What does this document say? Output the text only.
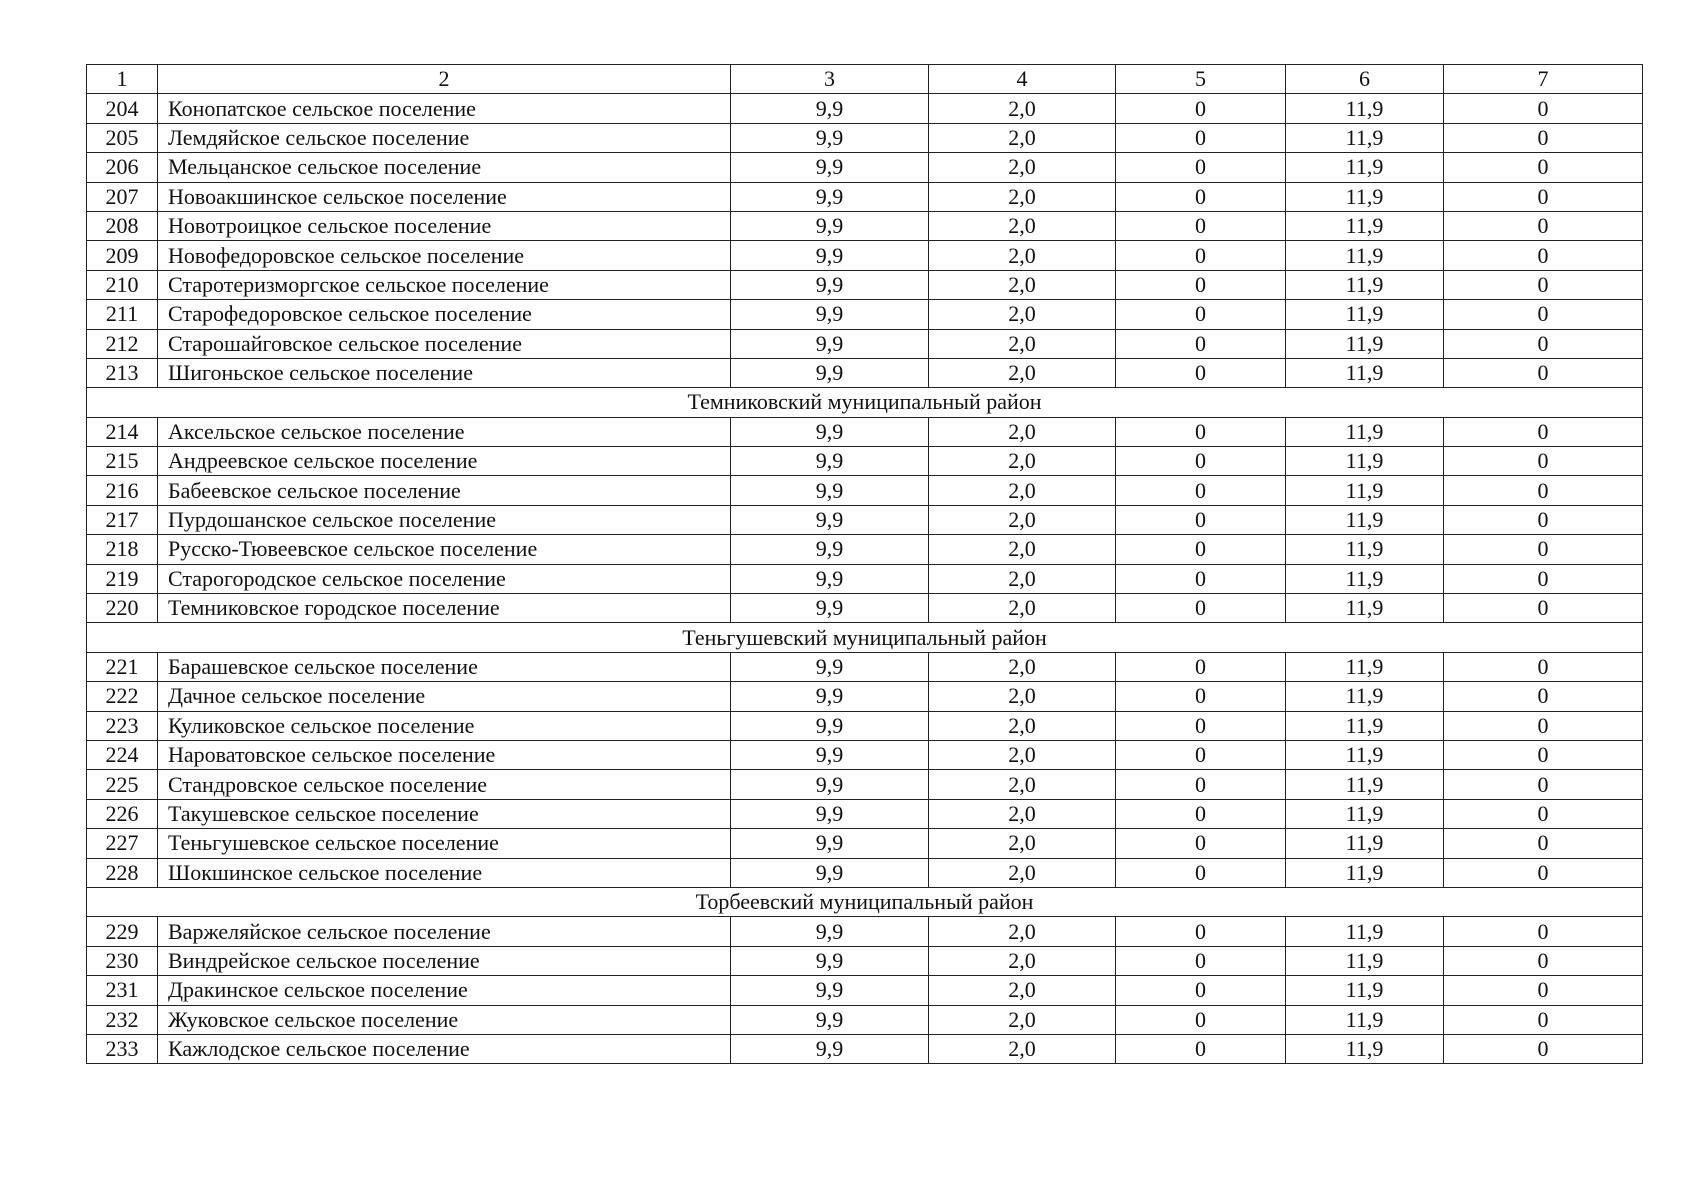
1	2	3	4	5	6	7
204	Конопатское сельское поселение	9,9	2,0	0	11,9	0
205	Лемдяйское сельское поселение	9,9	2,0	0	11,9	0
206	Мельцанское сельское поселение	9,9	2,0	0	11,9	0
207	Новоакшинское сельское поселение	9,9	2,0	0	11,9	0
208	Новотроицкое сельское поселение	9,9	2,0	0	11,9	0
209	Новофедоровское сельское поселение	9,9	2,0	0	11,9	0
210	Старотеризморгское сельское поселение	9,9	2,0	0	11,9	0
211	Старофедоровское сельское поселение	9,9	2,0	0	11,9	0
212	Старошайговское сельское поселение	9,9	2,0	0	11,9	0
213	Шигоньское сельское поселение	9,9	2,0	0	11,9	0
Темниковский муниципальный район						
214	Аксельское сельское поселение	9,9	2,0	0	11,9	0
215	Андреевское сельское поселение	9,9	2,0	0	11,9	0
216	Бабеевское сельское поселение	9,9	2,0	0	11,9	0
217	Пурдошанское сельское поселение	9,9	2,0	0	11,9	0
218	Русско-Тювеевское сельское поселение	9,9	2,0	0	11,9	0
219	Старогородское сельское поселение	9,9	2,0	0	11,9	0
220	Темниковское городское поселение	9,9	2,0	0	11,9	0
Теньгушевский муниципальный район						
221	Барашевское сельское поселение	9,9	2,0	0	11,9	0
222	Дачное сельское поселение	9,9	2,0	0	11,9	0
223	Куликовское сельское поселение	9,9	2,0	0	11,9	0
224	Нароватовское сельское поселение	9,9	2,0	0	11,9	0
225	Стандровское сельское поселение	9,9	2,0	0	11,9	0
226	Такушевское сельское поселение	9,9	2,0	0	11,9	0
227	Теньгушевское сельское поселение	9,9	2,0	0	11,9	0
228	Шокшинское сельское поселение	9,9	2,0	0	11,9	0
Торбеевский муниципальный район						
229	Варжеляйское сельское поселение	9,9	2,0	0	11,9	0
230	Виндрейское сельское поселение	9,9	2,0	0	11,9	0
231	Дракинское сельское поселение	9,9	2,0	0	11,9	0
232	Жуковское сельское поселение	9,9	2,0	0	11,9	0
233	Кажлодское сельское поселение	9,9	2,0	0	11,9	0
